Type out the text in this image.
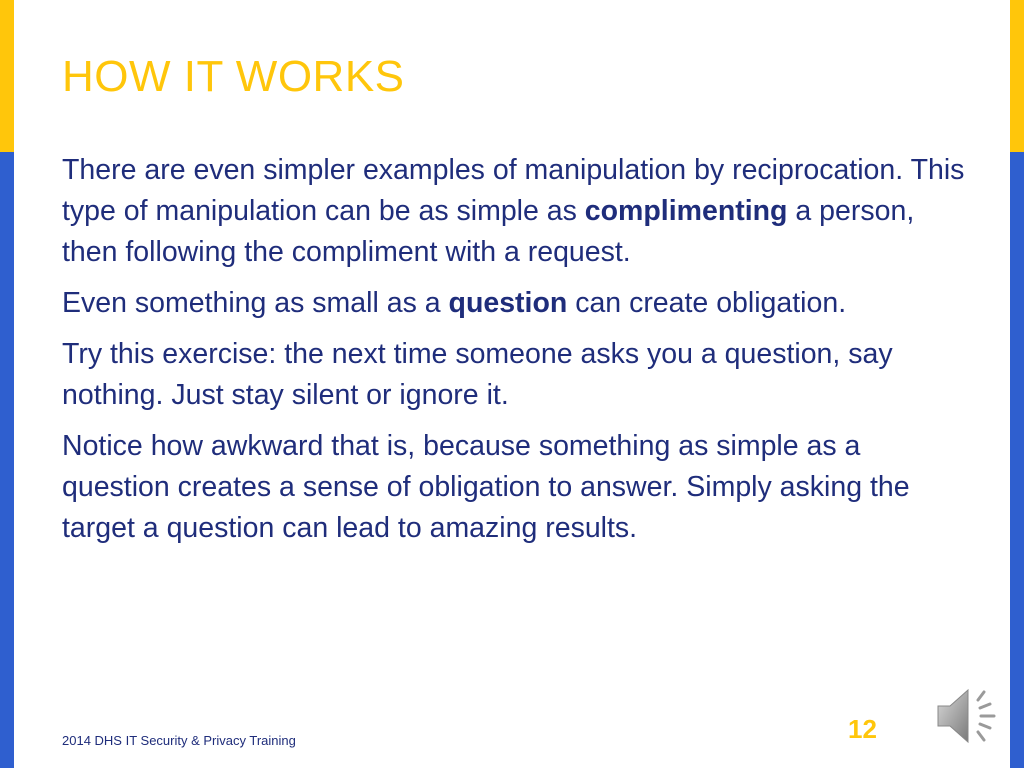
HOW IT WORKS

There are even simpler examples of manipulation by reciprocation. This type of manipulation can be as simple as complimenting a person, then following the compliment with a request.

Even something as small as a question can create obligation.

Try this exercise: the next time someone asks you a question, say nothing. Just stay silent or ignore it.

Notice how awkward that is, because something as simple as a question creates a sense of obligation to answer. Simply asking the target a question can lead to amazing results.

2014 DHS IT Security & Privacy Training	12
